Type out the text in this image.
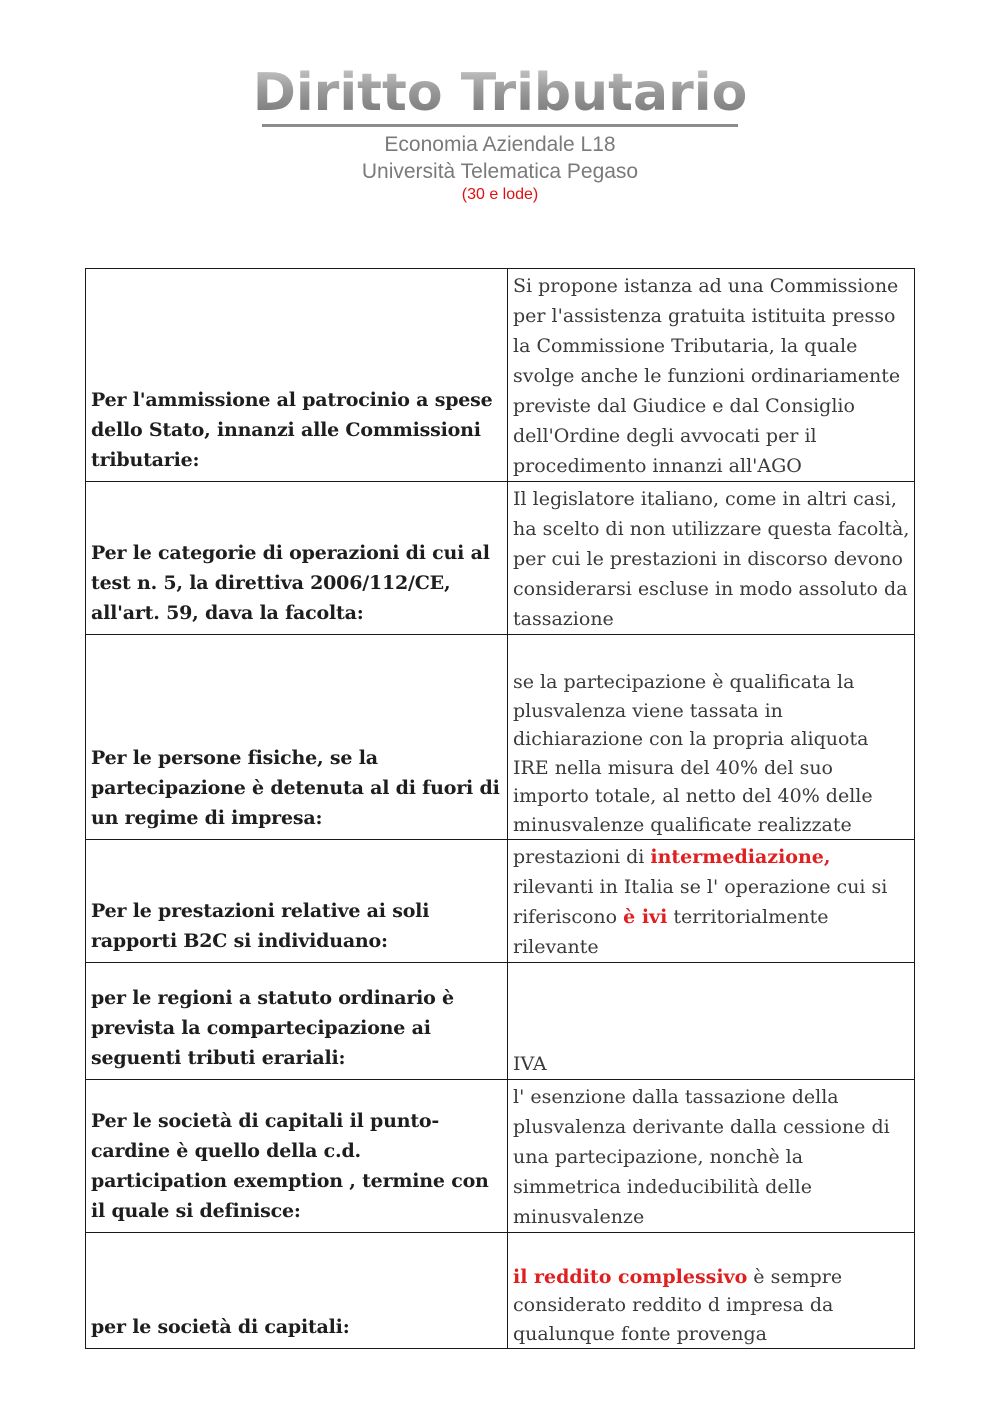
Diritto Tributario
Economia Aziendale L18
Università Telematica Pegaso
(30 e lode)
Per l'ammissione al patrocinio a spese dello Stato, innanzi alle Commissioni tributarie:	Si propone istanza ad una Commissione per l'assistenza gratuita istituita presso la Commissione Tributaria, la quale svolge anche le funzioni ordinariamente previste dal Giudice e dal Consiglio dell'Ordine degli avvocati per il procedimento innanzi all'AGO
Per le categorie di operazioni di cui al test n. 5, la direttiva 2006/112/CE, all'art. 59, dava la facolta:	Il legislatore italiano, come in altri casi, ha scelto di non utilizzare questa facoltà, per cui le prestazioni in discorso devono considerarsi escluse in modo assoluto da tassazione
Per le persone fisiche, se la partecipazione è detenuta al di fuori di un regime di impresa:	se la partecipazione è qualificata la plusvalenza viene tassata in dichiarazione con la propria aliquota IRE nella misura del 40% del suo importo totale, al netto del 40% delle minusvalenze qualificate realizzate
Per le prestazioni relative ai soli rapporti B2C si individuano:	prestazioni di intermediazione, rilevanti in Italia se l' operazione cui si riferiscono è ivi territorialmente rilevante
per le regioni a statuto ordinario è prevista la compartecipazione ai seguenti tributi erariali:	IVA
Per le società di capitali il punto-cardine è quello della c.d. participation exemption , termine con il quale si definisce:	l' esenzione dalla tassazione della plusvalenza derivante dalla cessione di una partecipazione, nonchè la simmetrica indeducibilità delle minusvalenze
per le società di capitali:	il reddito complessivo è sempre considerato reddito d impresa da qualunque fonte provenga
